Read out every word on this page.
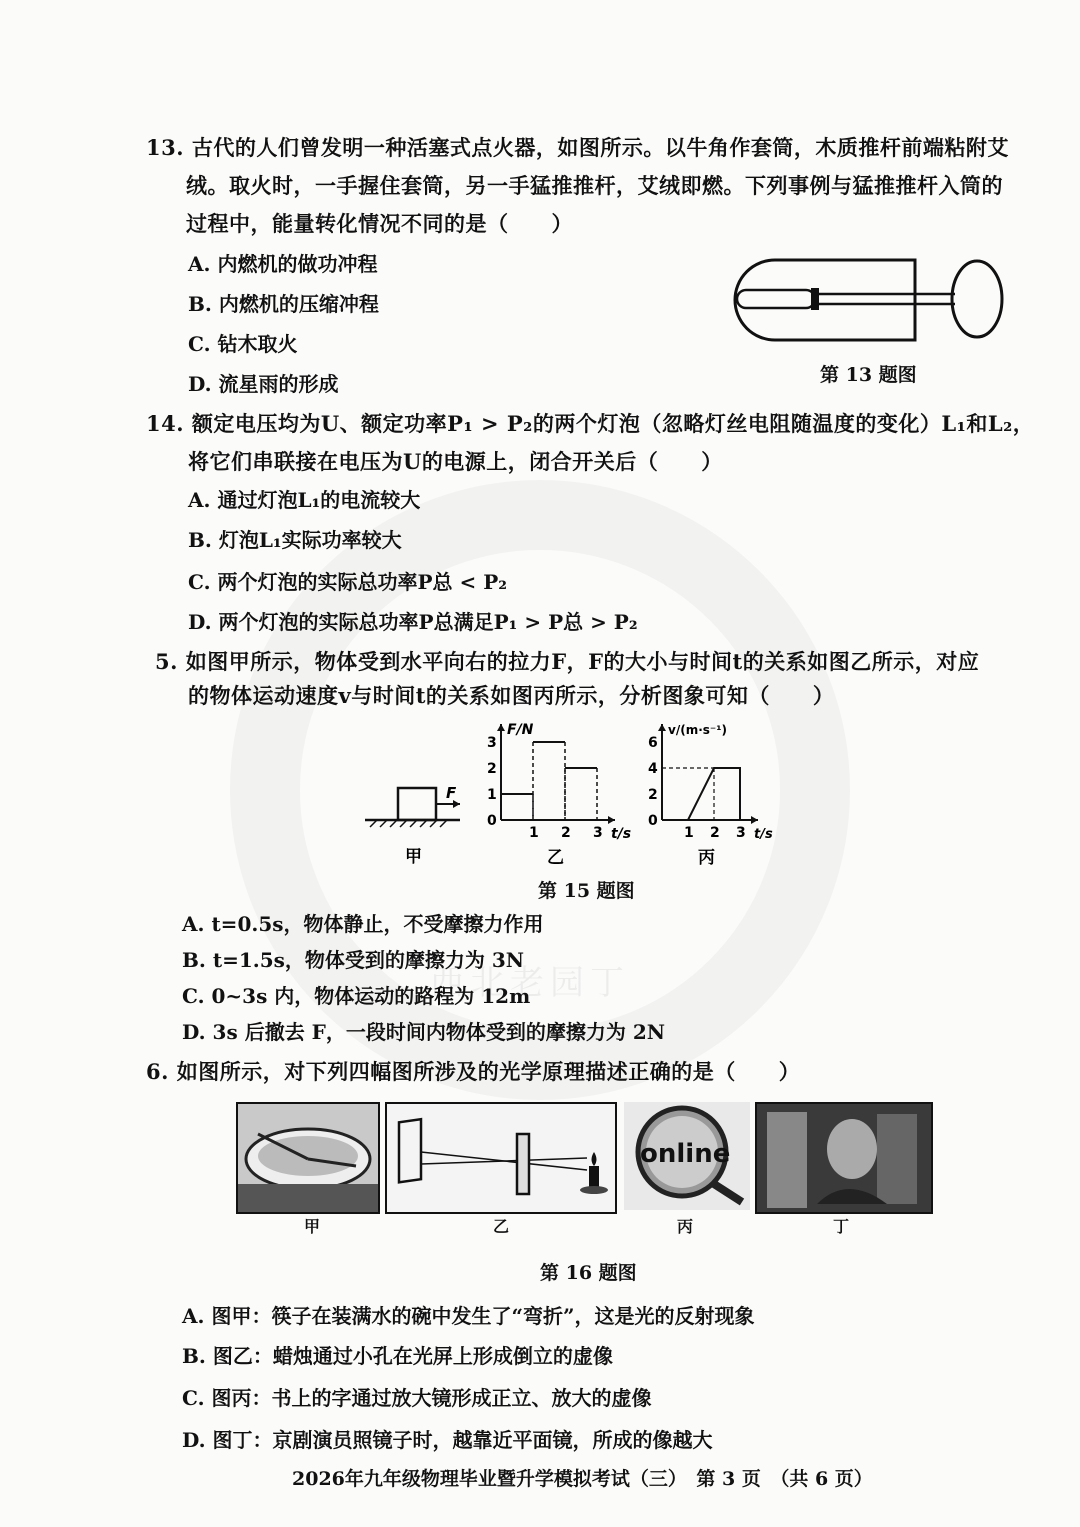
西北老园丁
13. 古代的人们曾发明一种活塞式点火器，如图所示。以牛角作套筒，木质推杆前端粘附艾
绒。取火时，一手握住套筒，另一手猛推推杆，艾绒即燃。下列事例与猛推推杆入筒的
过程中，能量转化情况不同的是（　　）
A. 内燃机的做功冲程
B. 内燃机的压缩冲程
C. 钻木取火
D. 流星雨的形成	第 13 题图
14. 额定电压均为U、额定功率P₁ > P₂的两个灯泡（忽略灯丝电阻随温度的变化）L₁和L₂，
将它们串联接在电压为U的电源上，闭合开关后（　　）
A. 通过灯泡L₁的电流较大
B. 灯泡L₁实际功率较大
C. 两个灯泡的实际总功率P总 < P₂
D. 两个灯泡的实际总功率P总满足P₁ > P总 > P₂
5. 如图甲所示，物体受到水平向右的拉力F，F的大小与时间t的关系如图乙所示，对应
的物体运动速度v与时间t的关系如图丙所示，分析图象可知（　　）
F
甲
F/N
t/s
乙
1 2 3
0
1
2
3
v/(m·s⁻¹)
t/s
丙
1 2 3
0
2
4
6
第 15 题图
A. t=0.5s，物体静止，不受摩擦力作用
B. t=1.5s，物体受到的摩擦力为 3N
C. 0~3s 内，物体运动的路程为 12m
D. 3s 后撤去 F，一段时间内物体受到的摩擦力为 2N
6. 如图所示，对下列四幅图所涉及的光学原理描述正确的是（　　）
online
甲	乙	丙	丁
第 16 题图
A. 图甲：筷子在装满水的碗中发生了“弯折”，这是光的反射现象
B. 图乙：蜡烛通过小孔在光屏上形成倒立的虚像
C. 图丙：书上的字通过放大镜形成正立、放大的虚像
D. 图丁：京剧演员照镜子时，越靠近平面镜，所成的像越大
2026年九年级物理毕业暨升学模拟考试（三）　第 3 页　（共 6 页）
